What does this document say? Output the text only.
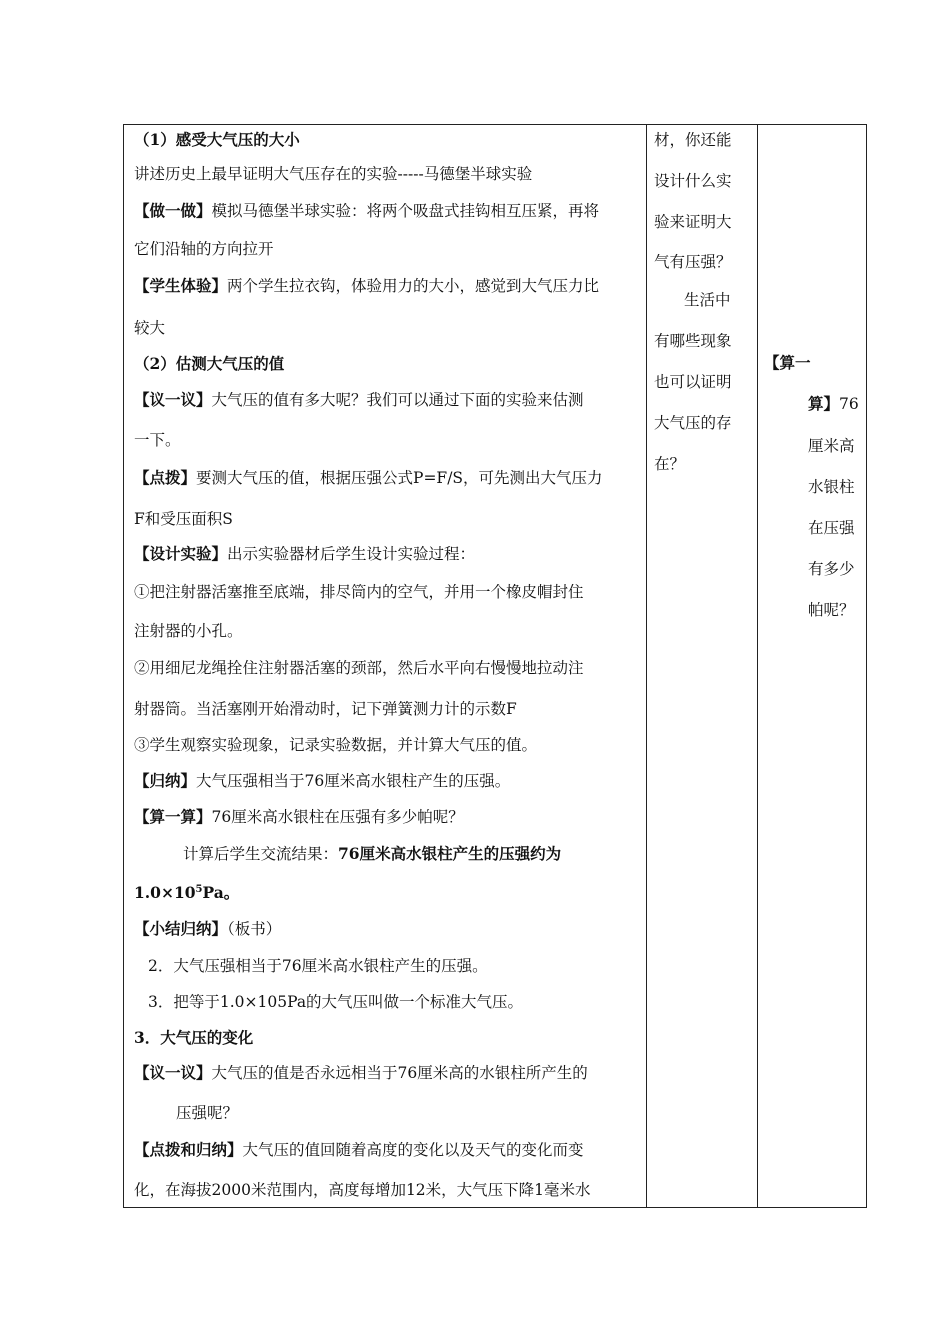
（1）感受大气压的大小
讲述历史上最早证明大气压存在的实验-----马德堡半球实验
【做一做】模拟马德堡半球实验：将两个吸盘式挂钩相互压紧，再将
它们沿轴的方向拉开
【学生体验】两个学生拉衣钩，体验用力的大小，感觉到大气压力比
较大
（2）估测大气压的值
【议一议】大气压的值有多大呢？我们可以通过下面的实验来估测
一下。
【点拨】要测大气压的值，根据压强公式P=F/S，可先测出大气压力
F和受压面积S
【设计实验】出示实验器材后学生设计实验过程：
①把注射器活塞推至底端，排尽筒内的空气，并用一个橡皮帽封住
注射器的小孔。
②用细尼龙绳拴住注射器活塞的颈部，然后水平向右慢慢地拉动注
射器筒。当活塞刚开始滑动时，记下弹簧测力计的示数F
③学生观察实验现象，记录实验数据，并计算大气压的值。
【归纳】大气压强相当于76厘米高水银柱产生的压强。
【算一算】76厘米高水银柱在压强有多少帕呢？
计算后学生交流结果：76厘米高水银柱产生的压强约为
$1.0\times 10^5Pa$。
【小结归纳】（板书）
2．大气压强相当于76厘米高水银柱产生的压强。
3．把等于1.0×105Pa的大气压叫做一个标准大气压。
3．大气压的变化
【议一议】大气压的值是否永远相当于76厘米高的水银柱所产生的
压强呢？
【点拨和归纳】大气压的值回随着高度的变化以及天气的变化而变
化，在海拔2000米范围内，高度每增加12米，大气压下降1毫米水
材，你还能
设计什么实
验来证明大
气有压强？
生活中
有哪些现象
也可以证明
大气压的存
在？
【算一
算】76
厘米高
水银柱
在压强
有多少
帕呢？
